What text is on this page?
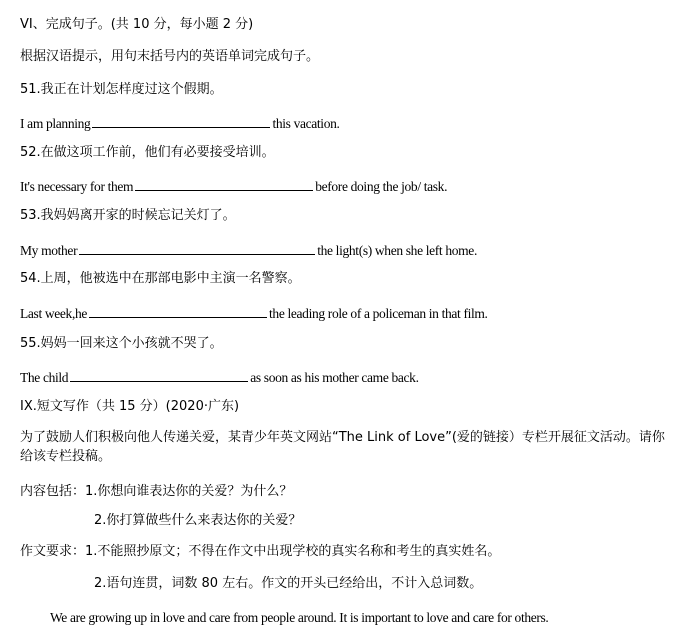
VI、完成句子。(共 10 分，每小题 2 分)
根据汉语提示，用句末括号内的英语单词完成句子。
51.我正在计划怎样度过这个假期。
I am planning	this vacation.
52.在做这项工作前，他们有必要接受培训。
It's necessary for them	before doing the job/ task.
53.我妈妈离开家的时候忘记关灯了。
My mother	the light(s) when she left home.
54.上周，他被选中在那部电影中主演一名警察。
Last week,he	the leading role of a policeman in that film.
55.妈妈一回来这个小孩就不哭了。
The child	as soon as his mother came back.
IX.短文写作（共 15 分）(2020·广东)
为了鼓励人们积极向他人传递关爱，某青少年英文网站“The Link of Love”(爱的链接）专栏开展征文活动。请你给该专栏投稿。
内容包括：1.你想向谁表达你的关爱？为什么？
2.你打算做些什么来表达你的关爱？
作文要求：1.不能照抄原文；不得在作文中出现学校的真实名称和考生的真实姓名。
2.语句连贯，词数 80 左右。作文的开头已经给出，不计入总词数。
We are growing up in love and care from people around. It is important to love and care for others.
